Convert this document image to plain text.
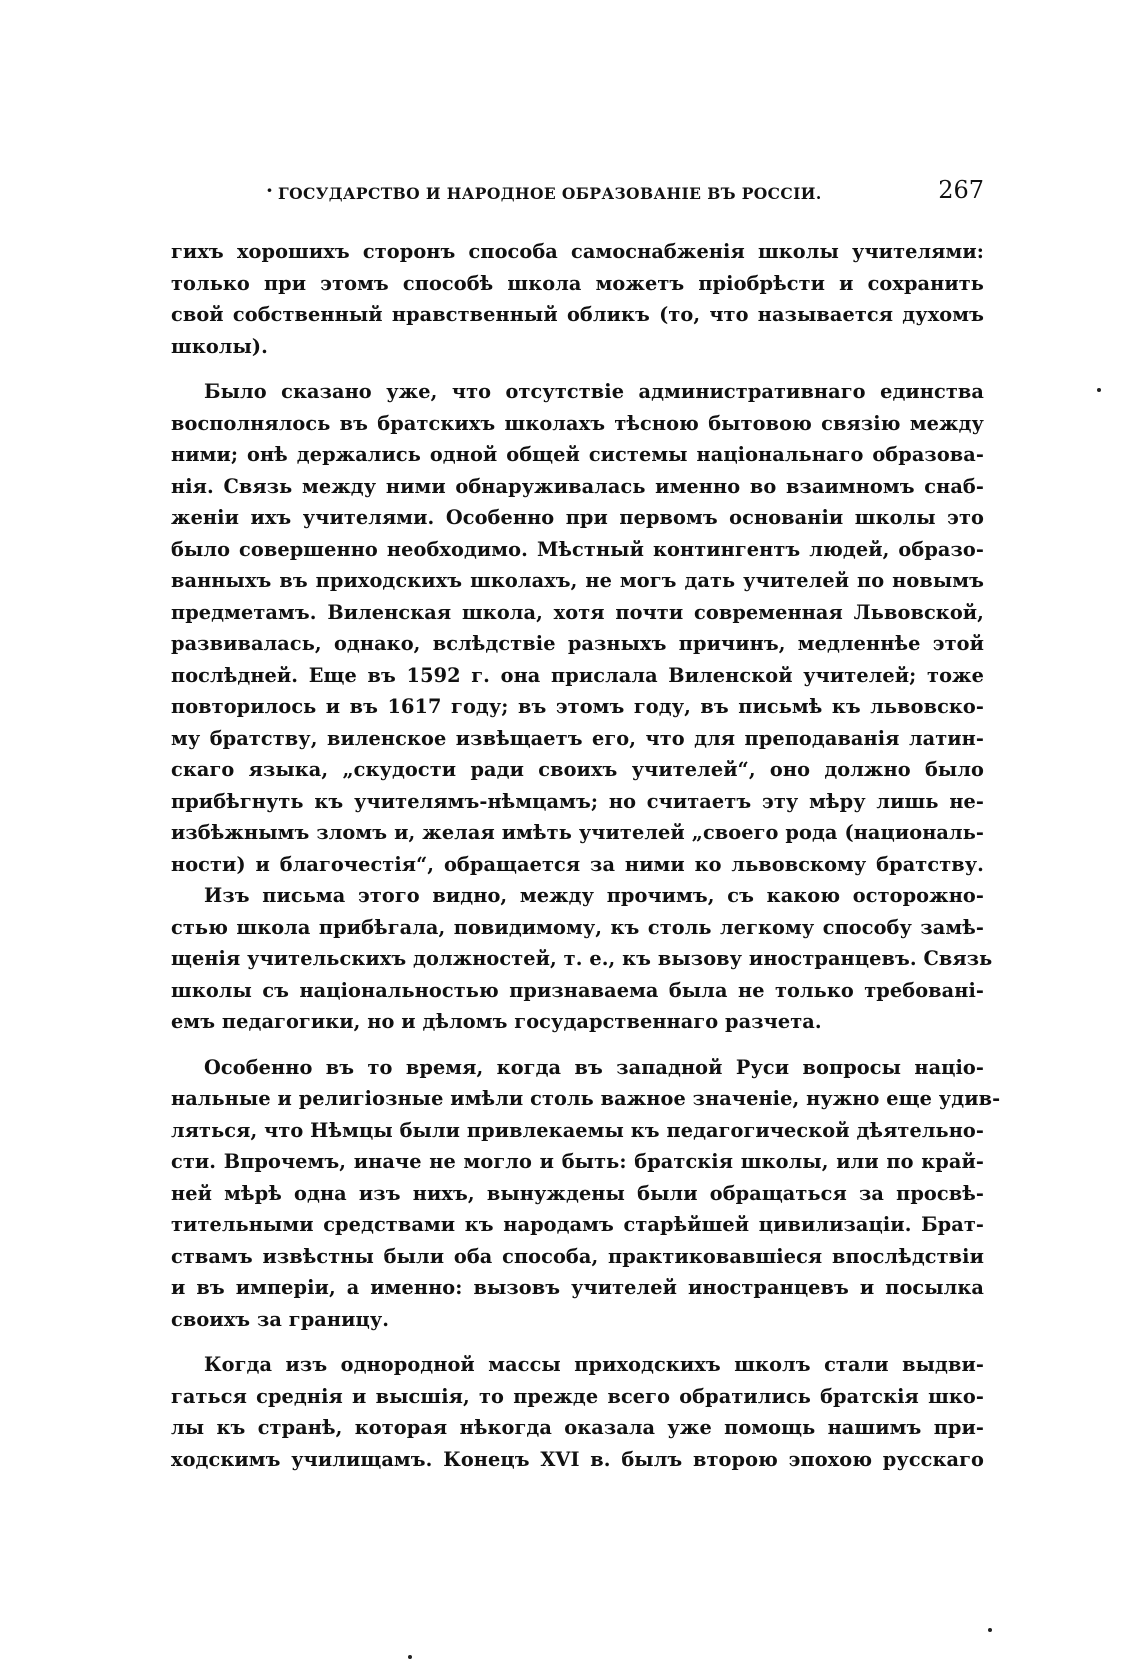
· ГОСУДАРСТВО И НАРОДНОЕ ОБРАЗОВАНІЕ ВЪ РОССІИ.	267

гихъ хорошихъ сторонъ способа самоснабженія школы учителями:
только при этомъ способѣ школа можетъ пріобрѣсти и сохранить
свой собственный нравственный обликъ (то, что называется духомъ
школы).

Было сказано уже, что отсутствіе административнаго единства
восполнялось въ братскихъ школахъ тѣсною бытовою связію между
ними; онѣ держались одной общей системы національнаго образова-
нія. Связь между ними обнаруживалась именно во взаимномъ снаб-
женіи ихъ учителями. Особенно при первомъ основаніи школы это
было совершенно необходимо. Мѣстный контингентъ людей, образо-
ванныхъ въ приходскихъ школахъ, не могъ дать учителей по новымъ
предметамъ. Виленская школа, хотя почти современная Львовской,
развивалась, однако, вслѣдствіе разныхъ причинъ, медленнѣе этой
послѣдней. Еще въ 1592 г. она прислала Виленской учителей; тоже
повторилось и въ 1617 году; въ этомъ году, въ письмѣ къ львовско-
му братству, виленское извѣщаетъ его, что для преподаванія латин-
скаго языка, „скудости ради своихъ учителей“, оно должно было
прибѣгнуть къ учителямъ-нѣмцамъ; но считаетъ эту мѣру лишь не-
избѣжнымъ зломъ и, желая имѣть учителей „своего рода (националь-
ности) и благочестія“, обращается за ними ко львовскому братству.

Изъ письма этого видно, между прочимъ, съ какою осторожно-
стью школа прибѣгала, повидимому, къ столь легкому способу замѣ-
щенія учительскихъ должностей, т. е., къ вызову иностранцевъ. Связь
школы съ національностью признаваема была не только требованi-
емъ педагогики, но и дѣломъ государственнаго разчета.

Особенно въ то время, когда въ западной Руси вопросы націо-
нальные и религіозные имѣли столь важное значеніе, нужно еще удив-
ляться, что Нѣмцы были привлекаемы къ педагогической дѣятельно-
сти. Впрочемъ, иначе не могло и быть: братскія школы, или по край-
ней мѣрѣ одна изъ нихъ, вынуждены были обращаться за просвѣ-
тительными средствами къ народамъ старѣйшей цивилизаціи. Брат-
ствамъ извѣстны были оба способа, практиковавшіеся впослѣдствіи
и въ имперіи, а именно: вызовъ учителей иностранцевъ и посылка
своихъ за границу.

Когда изъ однородной массы приходскихъ школъ стали выдви-
гаться среднія и высшія, то прежде всего обратились братскія шко-
лы къ странѣ, которая нѣкогда оказала уже помощь нашимъ при-
ходскимъ училищамъ. Конецъ XVI в. былъ второю эпохою русскаго
